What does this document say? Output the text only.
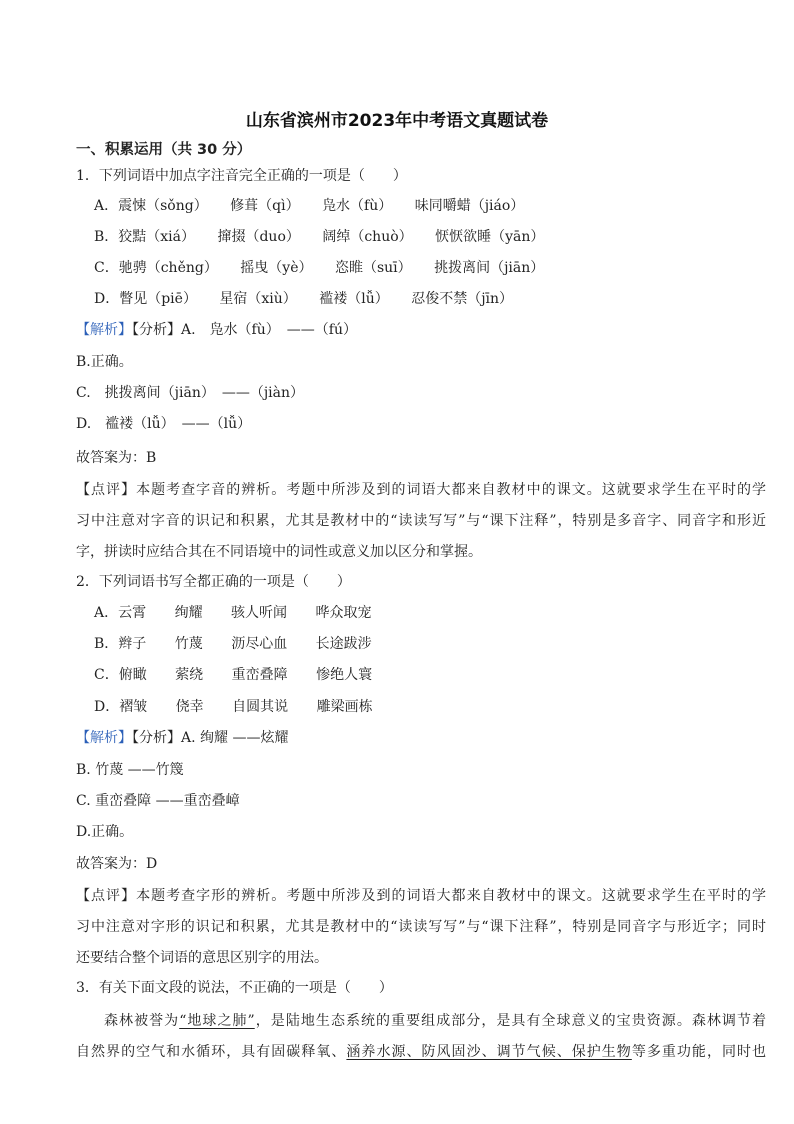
山东省滨州市2023年中考语文真题试卷
一、积累运用（共 30 分）
1．下列词语中加点字注音完全正确的一项是（　　）
A．震悚（sǒng） 修葺（qì） 凫水（fù） 味同嚼蜡（jiáo）
B．狡黠（xiá） 撺掇（duo） 阔绰（chuò） 恹恹欲睡（yān）
C．驰骋（chěng） 摇曳（yè） 恣睢（suī） 挑拨离间（jiān）
D．瞥见（piē） 星宿（xiù） 褴褛（lǚ） 忍俊不禁（jīn）
【解析】【分析】A.　凫水（fù）　——（fú）
B.正确。
C.　挑拨离间（jiān）　——（jiàn）
D.　褴褛（lǚ）　——（lǚ）
故答案为：B
【点评】本题考查字音的辨析。考题中所涉及到的词语大都来自教材中的课文。这就要求学生在平时的学
习中注意对字音的识记和积累，尤其是教材中的“读读写写”与“课下注释”，特别是多音字、同音字和形近
字，拼读时应结合其在不同语境中的词性或意义加以区分和掌握。
2．下列词语书写全都正确的一项是（　　）
A．云霄 绚耀 骇人听闻 哗众取宠
B．辫子 竹蔑 沥尽心血 长途跋涉
C．俯瞰 萦绕 重峦叠障 惨绝人寰
D．褶皱 侥幸 自圆其说 雕梁画栋
【解析】【分析】A. 绚耀 ——炫耀
B. 竹蔑 ——竹篾
C. 重峦叠障 ——重峦叠嶂
D.正确。
故答案为：D
【点评】本题考查字形的辨析。考题中所涉及到的词语大都来自教材中的课文。这就要求学生在平时的学
习中注意对字形的识记和积累，尤其是教材中的“读读写写”与“课下注释”，特别是同音字与形近字；同时
还要结合整个词语的意思区别字的用法。
3．有关下面文段的说法，不正确的一项是（　　）
森林被誉为“地球之肺”，是陆地生态系统的重要组成部分，是具有全球意义的宝贵资源。森林调节着
自然界的空气和水循环，具有固碳释氧、涵养水源、防风固沙、调节气候、保护生物等多重功能，同时也
